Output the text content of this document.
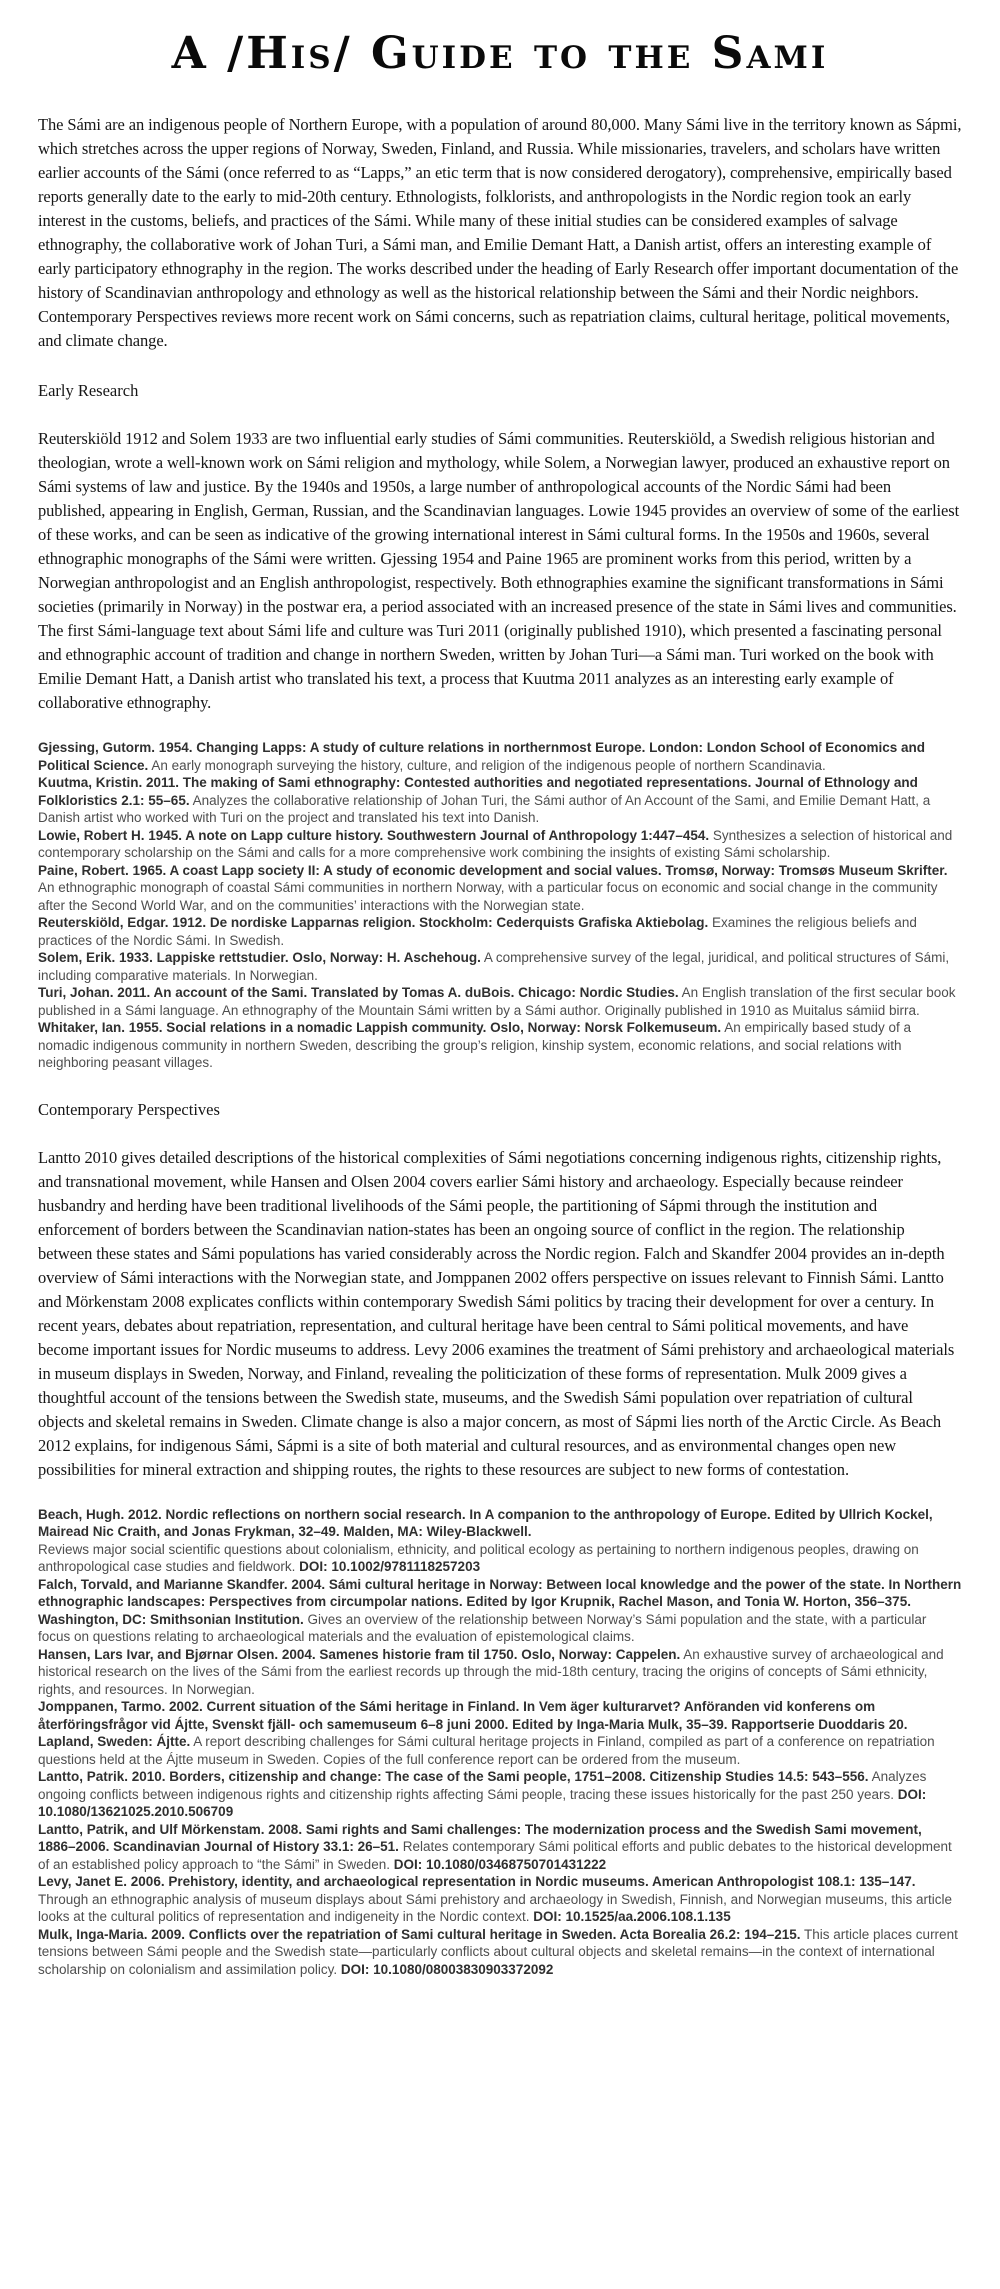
A /His/ Guide to the Sami

The Sámi are an indigenous people of Northern Europe, with a population of around 80,000. Many Sámi live in the territory known as Sápmi, which stretches across the upper regions of Norway, Sweden, Finland, and Russia. While missionaries, travelers, and scholars have written earlier accounts of the Sámi (once referred to as “Lapps,” an etic term that is now considered derogatory), comprehensive, empirically based reports generally date to the early to mid-20th century. Ethnologists, folklorists, and anthropologists in the Nordic region took an early interest in the customs, beliefs, and practices of the Sámi. While many of these initial studies can be considered examples of salvage ethnography, the collaborative work of Johan Turi, a Sámi man, and Emilie Demant Hatt, a Danish artist, offers an interesting example of early participatory ethnography in the region. The works described under the heading of Early Research offer important documentation of the history of Scandinavian anthropology and ethnology as well as the historical relationship between the Sámi and their Nordic neighbors. Contemporary Perspectives reviews more recent work on Sámi concerns, such as repatriation claims, cultural heritage, political movements, and climate change.

Early Research

Reuterskiöld 1912 and Solem 1933 are two influential early studies of Sámi communities. Reuterskiöld, a Swedish religious historian and theologian, wrote a well-known work on Sámi religion and mythology, while Solem, a Norwegian lawyer, produced an exhaustive report on Sámi systems of law and justice. By the 1940s and 1950s, a large number of anthropological accounts of the Nordic Sámi had been published, appearing in English, German, Russian, and the Scandinavian languages. Lowie 1945 provides an overview of some of the earliest of these works, and can be seen as indicative of the growing international interest in Sámi cultural forms. In the 1950s and 1960s, several ethnographic monographs of the Sámi were written. Gjessing 1954 and Paine 1965 are prominent works from this period, written by a Norwegian anthropologist and an English anthropologist, respectively. Both ethnographies examine the significant transformations in Sámi societies (primarily in Norway) in the postwar era, a period associated with an increased presence of the state in Sámi lives and communities. The first Sámi-language text about Sámi life and culture was Turi 2011 (originally published 1910), which presented a fascinating personal and ethnographic account of tradition and change in northern Sweden, written by Johan Turi—a Sámi man. Turi worked on the book with Emilie Demant Hatt, a Danish artist who translated his text, a process that Kuutma 2011 analyzes as an interesting early example of collaborative ethnography.

Gjessing, Gutorm. 1954. Changing Lapps: A study of culture relations in northernmost Europe. London: London School of Economics and Political Science. An early monograph surveying the history, culture, and religion of the indigenous people of northern Scandinavia.

Kuutma, Kristin. 2011. The making of Sami ethnography: Contested authorities and negotiated representations. Journal of Ethnology and Folkloristics 2.1: 55–65. Analyzes the collaborative relationship of Johan Turi, the Sámi author of An Account of the Sami, and Emilie Demant Hatt, a Danish artist who worked with Turi on the project and translated his text into Danish.

Lowie, Robert H. 1945. A note on Lapp culture history. Southwestern Journal of Anthropology 1:447–454. Synthesizes a selection of historical and contemporary scholarship on the Sámi and calls for a more comprehensive work combining the insights of existing Sámi scholarship.

Paine, Robert. 1965. A coast Lapp society II: A study of economic development and social values. Tromsø, Norway: Tromsøs Museum Skrifter. An ethnographic monograph of coastal Sámi communities in northern Norway, with a particular focus on economic and social change in the community after the Second World War, and on the communities’ interactions with the Norwegian state.

Reuterskiöld, Edgar. 1912. De nordiske Lapparnas religion. Stockholm: Cederquists Grafiska Aktiebolag. Examines the religious beliefs and practices of the Nordic Sámi. In Swedish.

Solem, Erik. 1933. Lappiske rettstudier. Oslo, Norway: H. Aschehoug. A comprehensive survey of the legal, juridical, and political structures of Sámi, including comparative materials. In Norwegian.

Turi, Johan. 2011. An account of the Sami. Translated by Tomas A. duBois. Chicago: Nordic Studies. An English translation of the first secular book published in a Sámi language. An ethnography of the Mountain Sámi written by a Sámi author. Originally published in 1910 as Muitalus sámiid birra.

Whitaker, Ian. 1955. Social relations in a nomadic Lappish community. Oslo, Norway: Norsk Folkemuseum. An empirically based study of a nomadic indigenous community in northern Sweden, describing the group’s religion, kinship system, economic relations, and social relations with neighboring peasant villages.

Contemporary Perspectives

Lantto 2010 gives detailed descriptions of the historical complexities of Sámi negotiations concerning indigenous rights, citizenship rights, and transnational movement, while Hansen and Olsen 2004 covers earlier Sámi history and archaeology. Especially because reindeer husbandry and herding have been traditional livelihoods of the Sámi people, the partitioning of Sápmi through the institution and enforcement of borders between the Scandinavian nation-states has been an ongoing source of conflict in the region. The relationship between these states and Sámi populations has varied considerably across the Nordic region. Falch and Skandfer 2004 provides an in-depth overview of Sámi interactions with the Norwegian state, and Jomppanen 2002 offers perspective on issues relevant to Finnish Sámi. Lantto and Mörkenstam 2008 explicates conflicts within contemporary Swedish Sámi politics by tracing their development for over a century. In recent years, debates about repatriation, representation, and cultural heritage have been central to Sámi political movements, and have become important issues for Nordic museums to address. Levy 2006 examines the treatment of Sámi prehistory and archaeological materials in museum displays in Sweden, Norway, and Finland, revealing the politicization of these forms of representation. Mulk 2009 gives a thoughtful account of the tensions between the Swedish state, museums, and the Swedish Sámi population over repatriation of cultural objects and skeletal remains in Sweden. Climate change is also a major concern, as most of Sápmi lies north of the Arctic Circle. As Beach 2012 explains, for indigenous Sámi, Sápmi is a site of both material and cultural resources, and as environmental changes open new possibilities for mineral extraction and shipping routes, the rights to these resources are subject to new forms of contestation.

Beach, Hugh. 2012. Nordic reflections on northern social research. In A companion to the anthropology of Europe. Edited by Ullrich Kockel, Mairead Nic Craith, and Jonas Frykman, 32–49. Malden, MA: Wiley-Blackwell.
Reviews major social scientific questions about colonialism, ethnicity, and political ecology as pertaining to northern indigenous peoples, drawing on anthropological case studies and fieldwork. DOI: 10.1002/9781118257203

Falch, Torvald, and Marianne Skandfer. 2004. Sámi cultural heritage in Norway: Between local knowledge and the power of the state. In Northern ethnographic landscapes: Perspectives from circumpolar nations. Edited by Igor Krupnik, Rachel Mason, and Tonia W. Horton, 356–375. Washington, DC: Smithsonian Institution. Gives an overview of the relationship between Norway’s Sámi population and the state, with a particular focus on questions relating to archaeological materials and the evaluation of epistemological claims.

Hansen, Lars Ivar, and Bjørnar Olsen. 2004. Samenes historie fram til 1750. Oslo, Norway: Cappelen. An exhaustive survey of archaeological and historical research on the lives of the Sámi from the earliest records up through the mid-18th century, tracing the origins of concepts of Sámi ethnicity, rights, and resources. In Norwegian.

Jomppanen, Tarmo. 2002. Current situation of the Sámi heritage in Finland. In Vem äger kulturarvet? Anföranden vid konferens om återföringsfrågor vid Ájtte, Svenskt fjäll- och samemuseum 6–8 juni 2000. Edited by Inga-Maria Mulk, 35–39. Rapportserie Duoddaris 20. Lapland, Sweden: Ájtte. A report describing challenges for Sámi cultural heritage projects in Finland, compiled as part of a conference on repatriation questions held at the Ájtte museum in Sweden. Copies of the full conference report can be ordered from the museum.

Lantto, Patrik. 2010. Borders, citizenship and change: The case of the Sami people, 1751–2008. Citizenship Studies 14.5: 543–556. Analyzes ongoing conflicts between indigenous rights and citizenship rights affecting Sámi people, tracing these issues historically for the past 250 years. DOI: 10.1080/13621025.2010.506709

Lantto, Patrik, and Ulf Mörkenstam. 2008. Sami rights and Sami challenges: The modernization process and the Swedish Sami movement, 1886–2006. Scandinavian Journal of History 33.1: 26–51. Relates contemporary Sámi political efforts and public debates to the historical development of an established policy approach to “the Sámi” in Sweden. DOI: 10.1080/03468750701431222

Levy, Janet E. 2006. Prehistory, identity, and archaeological representation in Nordic museums. American Anthropologist 108.1: 135–147. Through an ethnographic analysis of museum displays about Sámi prehistory and archaeology in Swedish, Finnish, and Norwegian museums, this article looks at the cultural politics of representation and indigeneity in the Nordic context. DOI: 10.1525/aa.2006.108.1.135

Mulk, Inga-Maria. 2009. Conflicts over the repatriation of Sami cultural heritage in Sweden. Acta Borealia 26.2: 194–215. This article places current tensions between Sámi people and the Swedish state—particularly conflicts about cultural objects and skeletal remains—in the context of international scholarship on colonialism and assimilation policy. DOI: 10.1080/08003830903372092
